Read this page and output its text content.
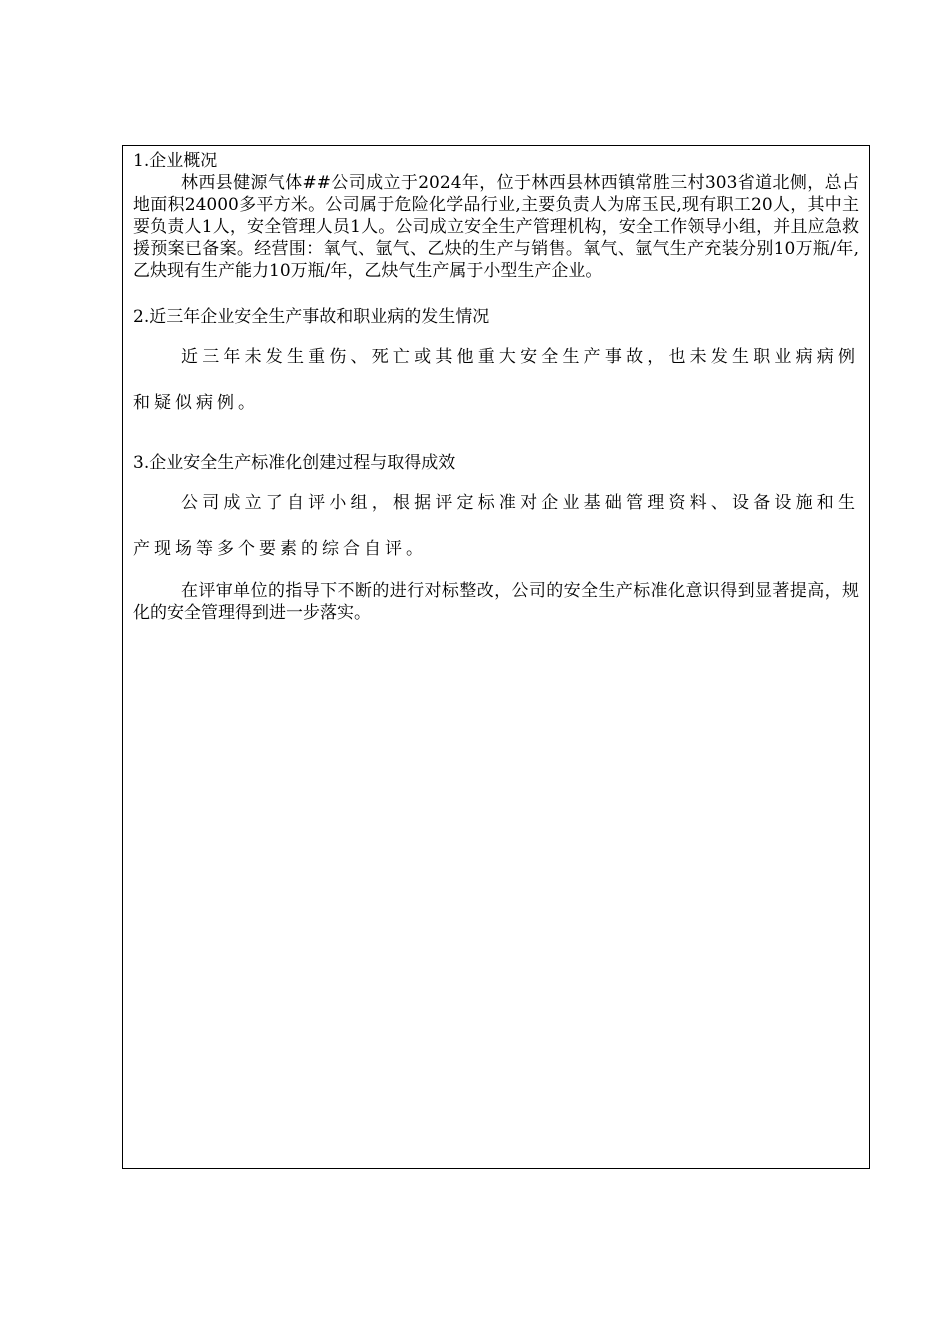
1.企业概况

林西县健源气体##公司成立于2024年，位于林西县林西镇常胜三村303省道北侧，总占地面积24000多平方米。公司属于危险化学品行业,主要负责人为席玉民,现有职工20人，其中主要负责人1人，安全管理人员1人。公司成立安全生产管理机构，安全工作领导小组，并且应急救援预案已备案。经营围：氧气、氩气、乙炔的生产与销售。氧气、氩气生产充装分别10万瓶/年,乙炔现有生产能力10万瓶/年，乙炔气生产属于小型生产企业。

2.近三年企业安全生产事故和职业病的发生情况

近三年未发生重伤、死亡或其他重大安全生产事故，也未发生职业病病例和疑似病例。

3.企业安全生产标准化创建过程与取得成效

公司成立了自评小组，根据评定标准对企业基础管理资料、设备设施和生产现场等多个要素的综合自评。

在评审单位的指导下不断的进行对标整改，公司的安全生产标准化意识得到显著提高，规化的安全管理得到进一步落实。
